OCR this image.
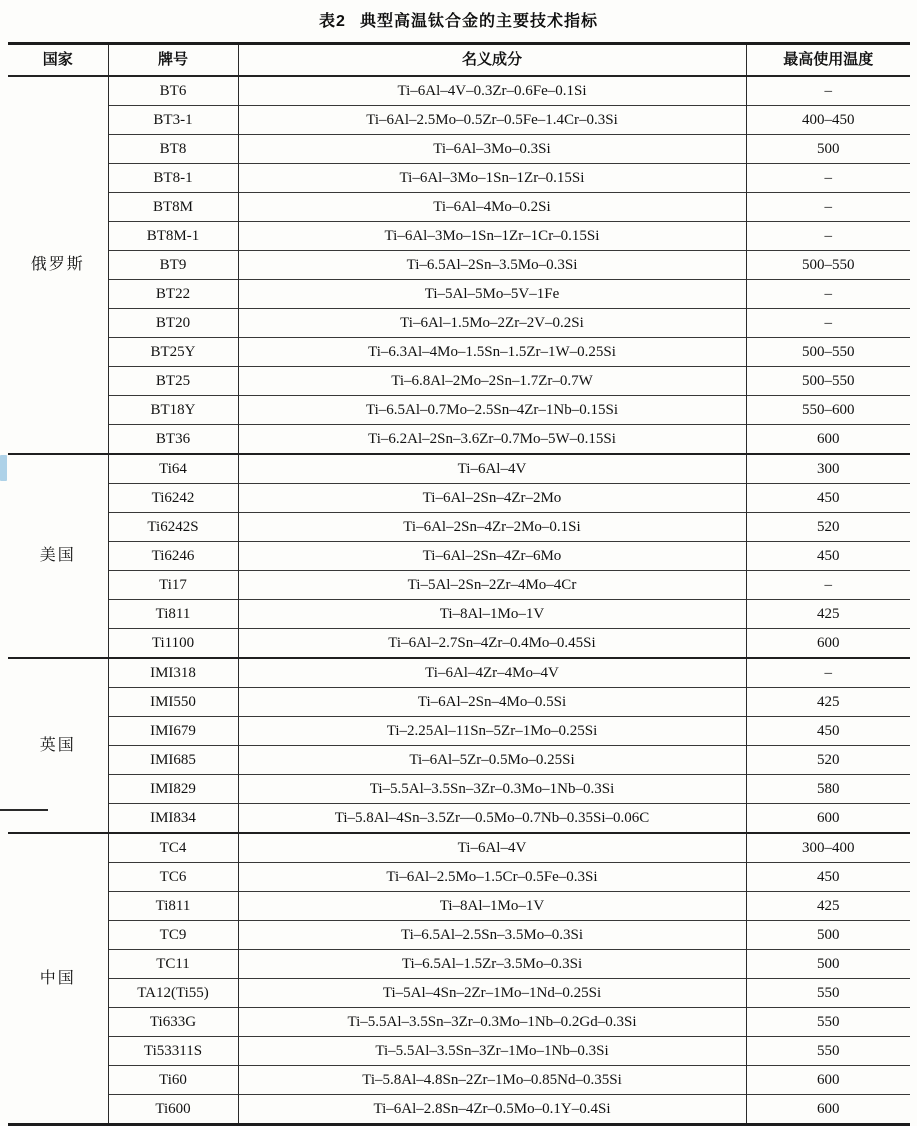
表2 典型高温钛合金的主要技术指标
国家	牌号	名义成分	最高使用温度
俄罗斯	BT6	Ti–6Al–4V–0.3Zr–0.6Fe–0.1Si	–
	BT3-1	Ti–6Al–2.5Mo–0.5Zr–0.5Fe–1.4Cr–0.3Si	400–450
	BT8	Ti–6Al–3Mo–0.3Si	500
	BT8-1	Ti–6Al–3Mo–1Sn–1Zr–0.15Si	–
	BT8M	Ti–6Al–4Mo–0.2Si	–
	BT8M-1	Ti–6Al–3Mo–1Sn–1Zr–1Cr–0.15Si	–
	BT9	Ti–6.5Al–2Sn–3.5Mo–0.3Si	500–550
	BT22	Ti–5Al–5Mo–5V–1Fe	–
	BT20	Ti–6Al–1.5Mo–2Zr–2V–0.2Si	–
	BT25Y	Ti–6.3Al–4Mo–1.5Sn–1.5Zr–1W–0.25Si	500–550
	BT25	Ti–6.8Al–2Mo–2Sn–1.7Zr–0.7W	500–550
	BT18Y	Ti–6.5Al–0.7Mo–2.5Sn–4Zr–1Nb–0.15Si	550–600
	BT36	Ti–6.2Al–2Sn–3.6Zr–0.7Mo–5W–0.15Si	600
美国	Ti64	Ti–6Al–4V	300
	Ti6242	Ti–6Al–2Sn–4Zr–2Mo	450
	Ti6242S	Ti–6Al–2Sn–4Zr–2Mo–0.1Si	520
	Ti6246	Ti–6Al–2Sn–4Zr–6Mo	450
	Ti17	Ti–5Al–2Sn–2Zr–4Mo–4Cr	–
	Ti811	Ti–8Al–1Mo–1V	425
	Ti1100	Ti–6Al–2.7Sn–4Zr–0.4Mo–0.45Si	600
英国	IMI318	Ti–6Al–4Zr–4Mo–4V	–
	IMI550	Ti–6Al–2Sn–4Mo–0.5Si	425
	IMI679	Ti–2.25Al–11Sn–5Zr–1Mo–0.25Si	450
	IMI685	Ti–6Al–5Zr–0.5Mo–0.25Si	520
	IMI829	Ti–5.5Al–3.5Sn–3Zr–0.3Mo–1Nb–0.3Si	580
	IMI834	Ti–5.8Al–4Sn–3.5Zr––0.5Mo–0.7Nb–0.35Si–0.06C	600
中国	TC4	Ti–6Al–4V	300–400
	TC6	Ti–6Al–2.5Mo–1.5Cr–0.5Fe–0.3Si	450
	Ti811	Ti–8Al–1Mo–1V	425
	TC9	Ti–6.5Al–2.5Sn–3.5Mo–0.3Si	500
	TC11	Ti–6.5Al–1.5Zr–3.5Mo–0.3Si	500
	TA12(Ti55)	Ti–5Al–4Sn–2Zr–1Mo–1Nd–0.25Si	550
	Ti633G	Ti–5.5Al–3.5Sn–3Zr–0.3Mo–1Nb–0.2Gd–0.3Si	550
	Ti53311S	Ti–5.5Al–3.5Sn–3Zr–1Mo–1Nb–0.3Si	550
	Ti60	Ti–5.8Al–4.8Sn–2Zr–1Mo–0.85Nd–0.35Si	600
	Ti600	Ti–6Al–2.8Sn–4Zr–0.5Mo–0.1Y–0.4Si	600
